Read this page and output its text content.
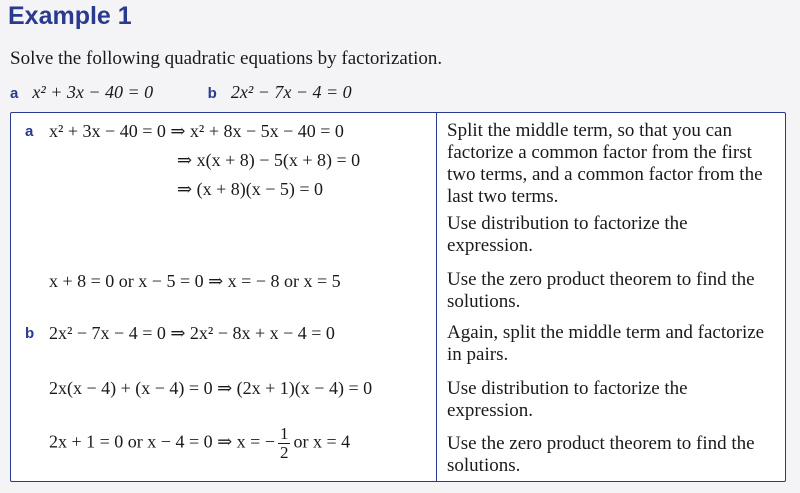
Example 1
Solve the following quadratic equations by factorization.
a x² + 3x − 40 = 0	b 2x² − 7x − 4 = 0
a x² + 3x − 40 = 0 ⇒ x² + 8x − 5x − 40 = 0
⇒ x(x + 8) − 5(x + 8) = 0
⇒ (x + 8)(x − 5) = 0
x + 8 = 0 or x − 5 = 0 ⇒ x = − 8 or x = 5
Split the middle term, so that you can factorize a common factor from the first two terms, and a common factor from the last two terms.
Use distribution to factorize the expression.
Use the zero product theorem to find the solutions.
b 2x² − 7x − 4 = 0 ⇒ 2x² − 8x + x − 4 = 0
2x(x − 4) + (x − 4) = 0 ⇒ (2x + 1)(x − 4) = 0
2x + 1 = 0 or x − 4 = 0 ⇒ x = − $\frac{1}{2}$ or x = 4
Again, split the middle term and factorize in pairs.
Use distribution to factorize the expression.
Use the zero product theorem to find the solutions.
